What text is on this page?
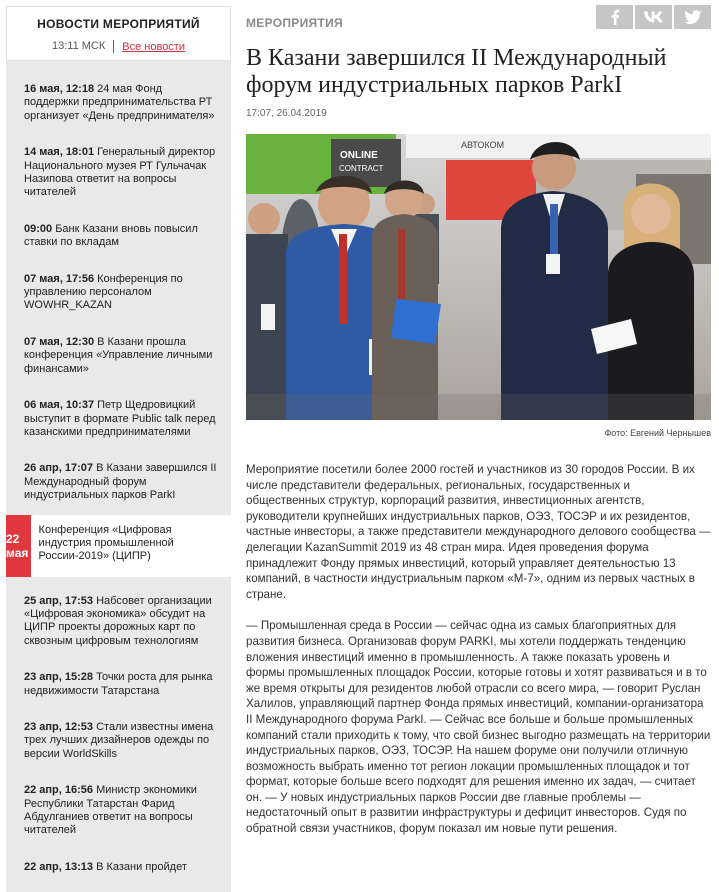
НОВОСТИ МЕРОПРИЯТИЙ
13:11 МСК	Все новости
16 мая, 12:18 24 мая Фонд поддержки предпринимательства РТ организует «День предпринимателя»
14 мая, 18:01 Генеральный директор Национального музея РТ Гульчачак Назипова ответит на вопросы читателей
09:00 Банк Казани вновь повысил ставки по вкладам
07 мая, 17:56 Конференция по управлению персоналом WOWHR_KAZAN
07 мая, 12:30 В Казани прошла конференция «Управление личными финансами»
06 мая, 10:37 Петр Щедровицкий выступит в формате Public talk перед казанскими предпринимателями
26 апр, 17:07 В Казани завершился II Международный форум индустриальных парков ParkI
22 мая
Конференция «Цифровая индустрия промышленной России-2019» (ЦИПР)
25 апр, 17:53 Набсовет организации «Цифровая экономика» обсудит на ЦИПР проекты дорожных карт по сквозным цифровым технологиям
23 апр, 15:28 Точки роста для рынка недвижимости Татарстана
23 апр, 12:53 Стали известны имена трех лучших дизайнеров одежды по версии WorldSkills
22 апр, 16:56 Министр экономики Республики Татарстан Фарид Абдулганиев ответит на вопросы читателей
22 апр, 13:13 В Казани пройдет
МЕРОПРИЯТИЯ
В Казани завершился II Международный форум индустриальных парков ParkI
17:07, 26.04.2019
ONLINE
CONTRACT
АВТОКОМ
Фото: Евгений Чернышев

Мероприятие посетили более 2000 гостей и участников из 30 городов России. В их числе представители федеральных, региональных, государственных и общественных структур, корпораций развития, инвестиционных агентств, руководители крупнейших индустриальных парков, ОЭЗ, ТОСЭР и их резидентов, частные инвесторы, а также представители международного делового сообщества — делегации KazanSummit 2019 из 48 стран мира. Идея проведения форума принадлежит Фонду прямых инвестиций, который управляет деятельностью 13 компаний, в частности индустриальным парком «М-7», одним из первых частных в стране.

— Промышленная среда в России — сейчас одна из самых благоприятных для развития бизнеса. Организовав форум PARKI, мы хотели поддержать тенденцию вложения инвестиций именно в промышленность. А также показать уровень и формы промышленных площадок России, которые готовы и хотят развиваться и в то же время открыты для резидентов любой отрасли со всего мира, — говорит Руслан Халилов, управляющий партнер Фонда прямых инвестиций, компании-организатора II Международного форума ParkI. — Сейчас все больше и больше промышленных компаний стали приходить к тому, что свой бизнес выгодно размещать на территории индустриальных парков, ОЭЗ, ТОСЭР. На нашем форуме они получили отличную возможность выбрать именно тот регион локации промышленных площадок и тот формат, которые больше всего подходят для решения именно их задач, — считает он. — У новых индустриальных парков России две главные проблемы — недостаточный опыт в развитии инфраструктуры и дефицит инвесторов. Судя по обратной связи участников, форум показал им новые пути решения.
